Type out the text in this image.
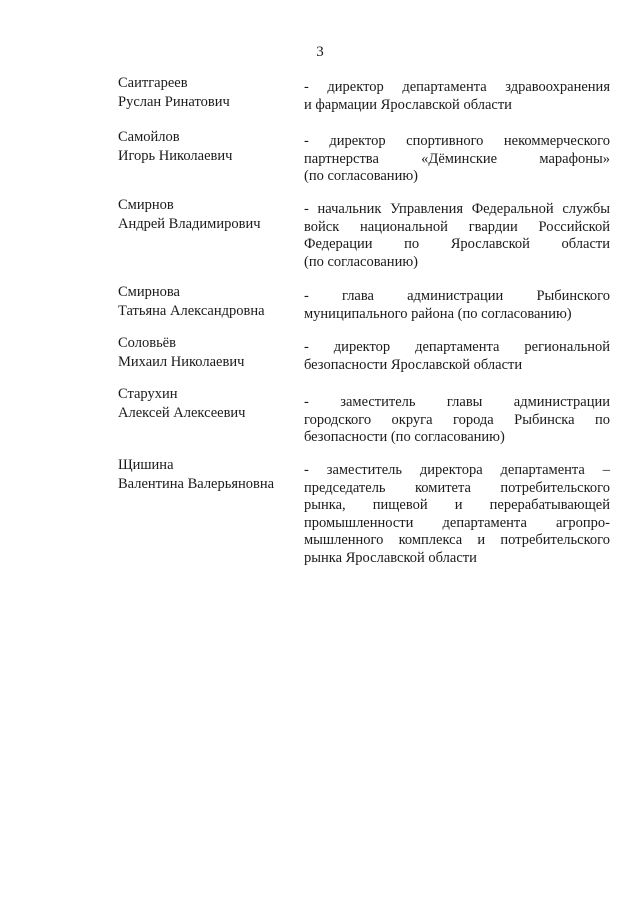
3
Саитгареев
Руслан Ринатович
- директор департамента здравоохранения
и фармации Ярославской области
Самойлов
Игорь Николаевич
- директор спортивного некоммерческого
партнерства «Дёминские марафоны»
(по согласованию)
Смирнов
Андрей Владимирович
- начальник Управления Федеральной службы
войск национальной гвардии Российской
Федерации по Ярославской области
(по согласованию)
Смирнова
Татьяна Александровна
- глава администрации Рыбинского
муниципального района (по согласованию)
Соловьёв
Михаил Николаевич
- директор департамента региональной
безопасности Ярославской области
Старухин
Алексей Алексеевич
- заместитель главы администрации
городского округа города Рыбинска по
безопасности (по согласованию)
Щишина
Валентина Валерьяновна
- заместитель директора департамента –
председатель комитета потребительского
рынка, пищевой и перерабатывающей
промышленности департамента агропро-
мышленного комплекса и потребительского
рынка Ярославской области
